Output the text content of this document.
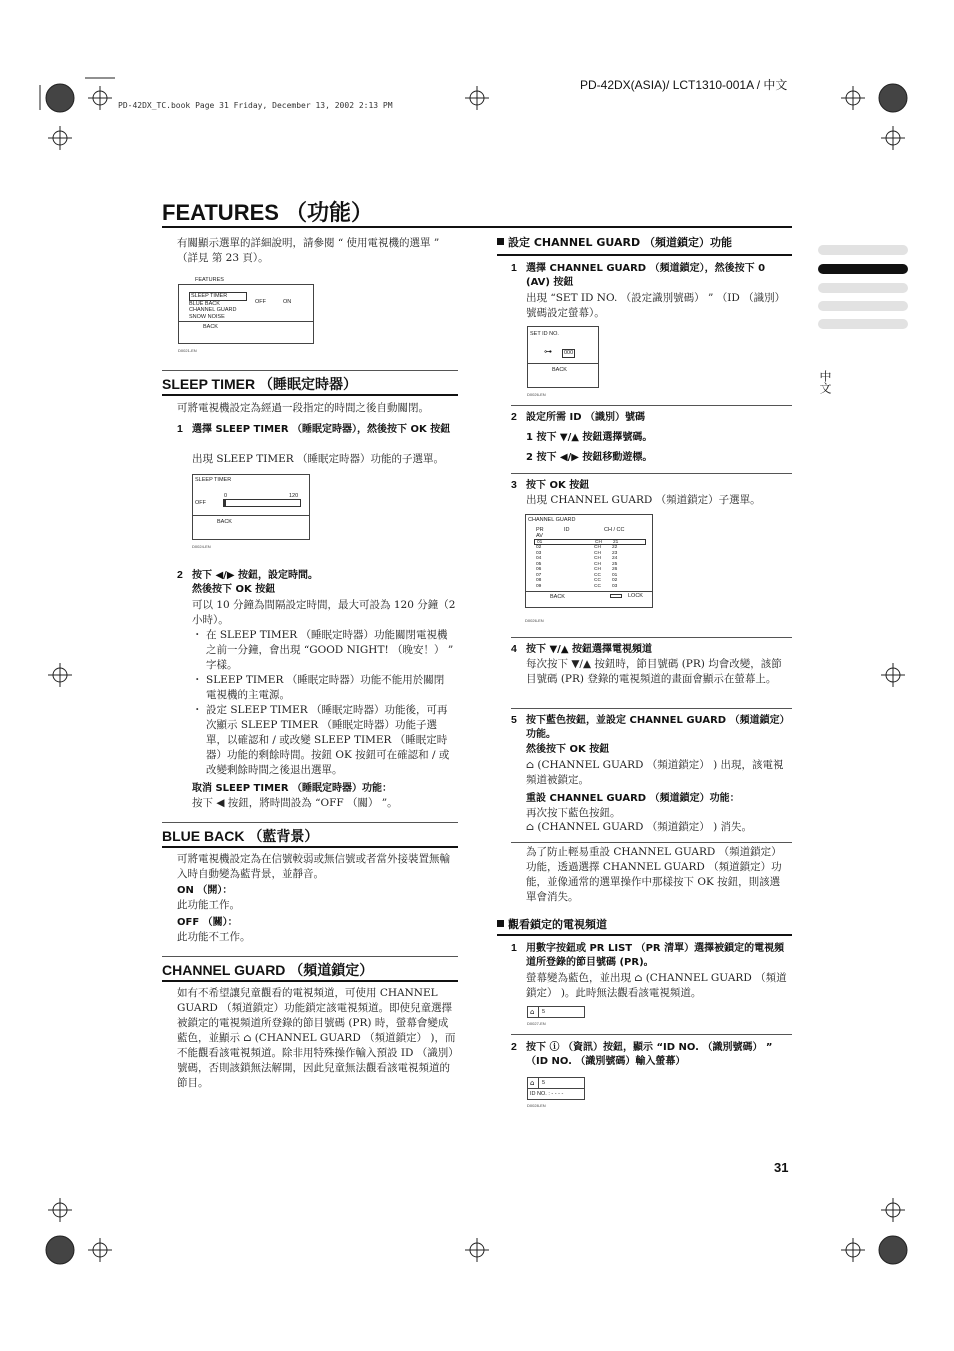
PD-42DX(ASIA)/ LCT1310-001A / 中文
PD-42DX_TC.book Page 31 Friday, December 13, 2002 2:13 PM
中文
FEATURES （功能）
有關顯示選單的詳細說明，請參閱 “ 使用電視機的選單 ” （詳見 第 23 頁）。
FEATURES
SLEEP TIMER
BLUE BACK
CHANNEL GUARD
SNOW NOISE
OFF	ON
BACK
D0021-EN
SLEEP TIMER （睡眠定時器）
可將電視機設定為經過一段指定的時間之後自動關閉。
1 選擇 SLEEP TIMER （睡眠定時器），然後按下 OK 按鈕
出現 SLEEP TIMER （睡眠定時器）功能的子選單。
SLEEP TIMER
0	120
OFF
BACK
D0024-EN
2 按下 ◀/▶ 按鈕，設定時間。
然後按下 OK 按鈕
可以 10 分鐘為間隔設定時間，最大可設為 120 分鐘（2 小時）。
・ 在 SLEEP TIMER （睡眠定時器）功能關閉電視機之前一分鐘，會出現 “GOOD NIGHT! （晚安！） ” 字樣。
・ SLEEP TIMER （睡眠定時器）功能不能用於關閉電視機的主電源。
・ 設定 SLEEP TIMER （睡眠定時器）功能後，可再次顯示 SLEEP TIMER （睡眠定時器）功能子選單，以確認和 / 或改變 SLEEP TIMER （睡眠定時器）功能的剩餘時間。按鈕 OK 按鈕可在確認和 / 或改變剩餘時間之後退出選單。
取消 SLEEP TIMER （睡眠定時器）功能：
按下 ◀ 按鈕，將時間設為 “OFF （關） ”。
BLUE BACK （藍背景）
可將電視機設定為在信號較弱或無信號或者當外接裝置無輸入時自動變為藍背景，並靜音。
ON （開）：
此功能工作。
OFF （關）：
此功能不工作。
CHANNEL GUARD （頻道鎖定）
如有不希望讓兒童觀看的電視頻道，可使用 CHANNEL GUARD （頻道鎖定）功能鎖定該電視頻道。即使兒童選擇被鎖定的電視頻道所登錄的節目號碼 (PR) 時，螢幕會變成藍色，並顯示 ⌂ (CHANNEL GUARD （頻道鎖定） )，而不能觀看該電視頻道。除非用特殊操作輸入預設 ID （識別）號碼，否則該鎖無法解開，因此兒童無法觀看該電視頻道的節目。
設定 CHANNEL GUARD （頻道鎖定）功能
1 選擇 CHANNEL GUARD （頻道鎖定），然後按下 0 (AV) 按鈕
出現 “SET ID NO. （設定識別號碼） ” （ID （識別）號碼設定螢幕）。
SET ID NO.
⊶	000
BACK
D0026-EN
2 設定所需 ID （識別）號碼
1 按下 ▼/▲ 按鈕選擇號碼。
2 按下 ◀/▶ 按鈕移動遊標。
3 按下 OK 按鈕
出現 CHANNEL GUARD （頻道鎖定）子選單。
CHANNEL GUARD
PR	ID	CH / CC
AV
01	CH	21
02	CH	22
03	CH	23
04	CH	24
05	CH	25
06	CH	26
07	CC	01
08	CC	02
09	CC	03
BACK	LOCK
D0026-EN
4 按下 ▼/▲ 按鈕選擇電視頻道
每次按下 ▼/▲ 按鈕時，節目號碼 (PR) 均會改變，該節目號碼 (PR) 登錄的電視頻道的畫面會顯示在螢幕上。
5 按下藍色按鈕，並設定 CHANNEL GUARD （頻道鎖定）功能。
然後按下 OK 按鈕
⌂ (CHANNEL GUARD （頻道鎖定） ) 出現，該電視頻道被鎖定。
重設 CHANNEL GUARD （頻道鎖定）功能：
再次按下藍色按鈕。
⌂ (CHANNEL GUARD （頻道鎖定） ) 消失。
為了防止輕易重設 CHANNEL GUARD （頻道鎖定）功能，透過選擇 CHANNEL GUARD （頻道鎖定）功能，並像通常的選單操作中那樣按下 OK 按鈕，則該選單會消失。
觀看鎖定的電視頻道
1 用數字按鈕或 PR LIST （PR 清單）選擇被鎖定的電視頻道所登錄的節目號碼 (PR)。
螢幕變為藍色，並出現 ⌂ (CHANNEL GUARD （頻道鎖定） )。此時無法觀看該電視頻道。
⌂ 5
D0027-EN
2 按下 ⓘ （資訊）按鈕，顯示 “ID NO. （識別號碼） ” （ID NO. （識別號碼）輸入螢幕）
⌂ 5
ID NO. : - - - -
D0028-EN
31
